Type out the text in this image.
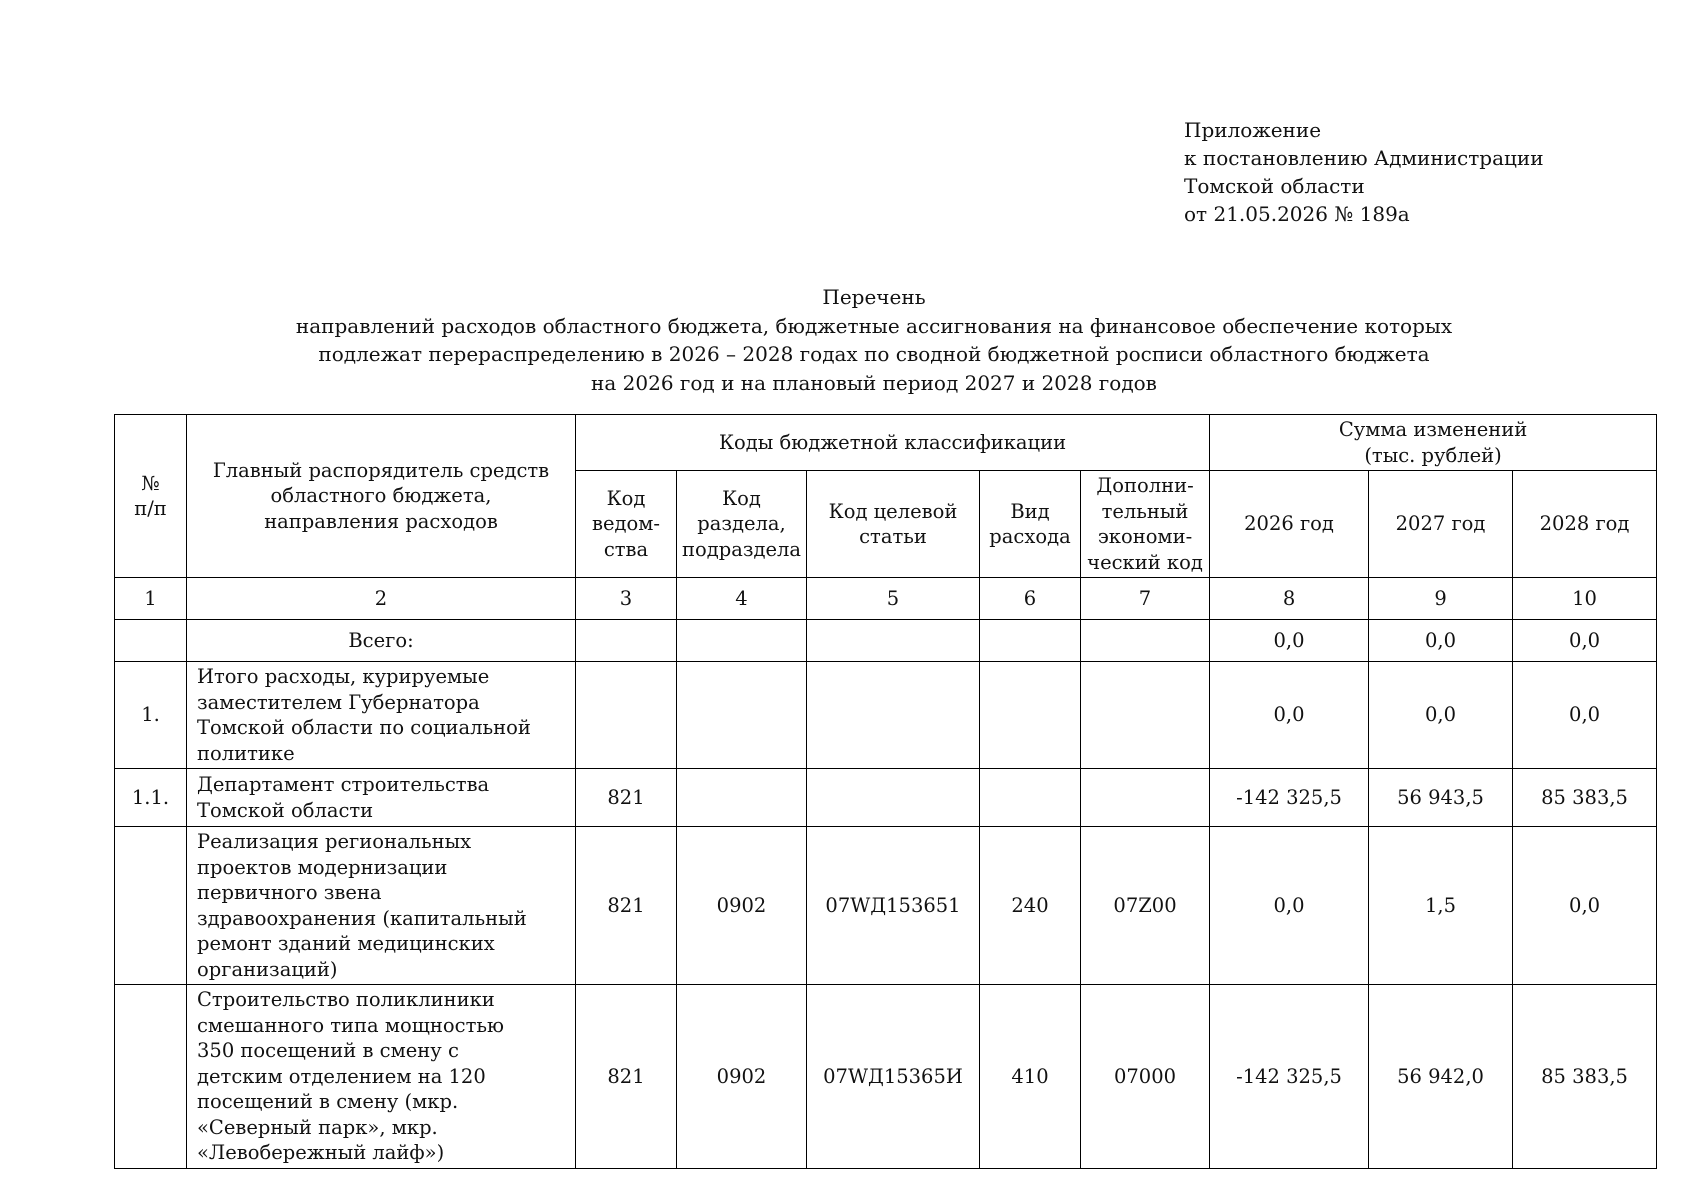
Приложение
к постановлению Администрации
Томской области
от 21.05.2026 № 189а
Перечень
направлений расходов областного бюджета, бюджетные ассигнования на финансовое обеспечение которых
подлежат перераспределению в 2026 – 2028 годах по сводной бюджетной росписи областного бюджета
на 2026 год и на плановый период 2027 и 2028 годов
№
п/п	Главный распорядитель средств областного бюджета, направления расходов	Коды бюджетной классификации					Сумма изменений
(тыс. рублей)		
		Код ведом-ства	Код раздела, подраздела	Код целевой статьи	Вид расхода	Дополни-тельный экономи-ческий код	2026 год	2027 год	2028 год
1	2	3	4	5	6	7	8	9	10
	Всего:						0,0	0,0	0,0
1.	Итого расходы, курируемые заместителем Губернатора Томской области по социальной политике						0,0	0,0	0,0
1.1.	Департамент строительства Томской области	821					-142 325,5	56 943,5	85 383,5
	Реализация региональных проектов модернизации первичного звена здравоохранения (капитальный ремонт зданий медицинских организаций)	821	0902	07WД153651	240	07Z00	0,0	1,5	0,0
	Строительство поликлиники смешанного типа мощностью 350 посещений в смену с детским отделением на 120 посещений в смену (мкр. «Северный парк», мкр. «Левобережный лайф»)	821	0902	07WД15365И	410	07000	-142 325,5	56 942,0	85 383,5
